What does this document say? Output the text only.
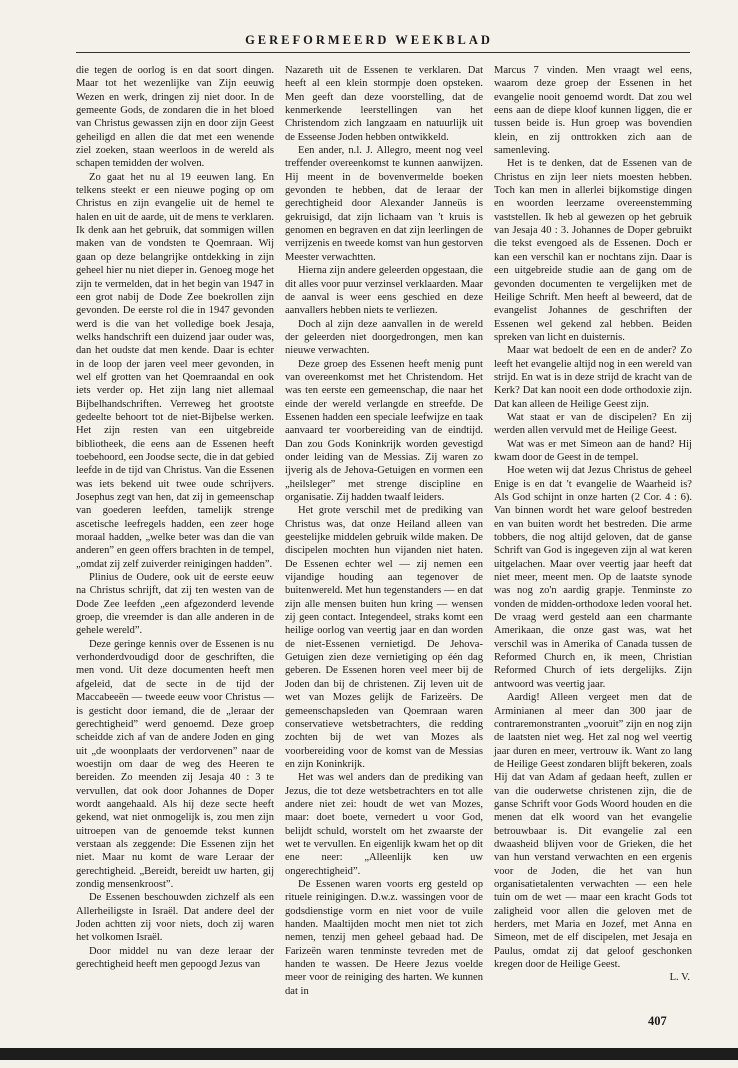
GEREFORMEERD WEEKBLAD

die tegen de oorlog is en dat soort dingen. Maar tot het wezenlijke van Zijn eeuwig Wezen en werk, dringen zij niet door. In de gemeente Gods, de zondaren die in het bloed van Christus gewassen zijn en door zijn Geest geheiligd en allen die dat met een wenende ziel zoeken, staan weerloos in de wereld als schapen temidden der wolven.

Zo gaat het nu al 19 eeuwen lang. En telkens steekt er een nieuwe poging op om Christus en zijn evangelie uit de hemel te halen en uit de aarde, uit de mens te verklaren. Ik denk aan het gebruik, dat sommigen willen maken van de vondsten te Qoemraan. Wij gaan op deze belangrijke ontdekking in zijn geheel hier nu niet dieper in. Genoeg moge het zijn te vermelden, dat in het begin van 1947 in een grot nabij de Dode Zee boekrollen zijn gevonden. De eerste rol die in 1947 gevonden werd is die van het volledige boek Jesaja, welks handschrift een duizend jaar ouder was, dan het oudste dat men kende. Daar is echter in de loop der jaren veel meer gevonden, in wel elf grotten van het Qoemraandal en ook iets verder op. Het zijn lang niet allemaal Bijbelhandschriften. Verreweg het grootste gedeelte behoort tot de niet-Bijbelse werken. Het zijn resten van een uitgebreide bibliotheek, die eens aan de Essenen heeft toebehoord, een Joodse secte, die in dat gebied leefde in de tijd van Christus. Van die Essenen was iets bekend uit twee oude schrijvers. Josephus zegt van hen, dat zij in gemeenschap van goederen leefden, tamelijk strenge ascetische leefregels hadden, een zeer hoge moraal hadden, „welke beter was dan die van anderen” en geen offers brachten in de tempel, „omdat zij zelf zuiverder reinigingen hadden”.

Plinius de Oudere, ook uit de eerste eeuw na Christus schrijft, dat zij ten westen van de Dode Zee leefden „een afgezonderd levende groep, die vreemder is dan alle anderen in de gehele wereld”.

Deze geringe kennis over de Essenen is nu verhonderdvoudigd door de geschriften, die men vond. Uit deze documenten heeft men afgeleid, dat de secte in de tijd der Maccabeeën — tweede eeuw voor Christus — is gesticht door iemand, die de „leraar der gerechtigheid” werd genoemd. Deze groep scheidde zich af van de andere Joden en ging uit „de woonplaats der verdorvenen” naar de woestijn om daar de weg des Heeren te bereiden. Zo meenden zij Jesaja 40 : 3 te vervullen, dat ook door Johannes de Doper wordt aangehaald. Als hij deze secte heeft gekend, wat niet onmogelijk is, zou men zijn uitroepen van de genoemde tekst kunnen verstaan als zeggende: Die Essenen zijn het niet. Maar nu komt de ware Leraar der gerechtigheid. „Bereidt, bereidt uw harten, gij zondig mensenkroost”.

De Essenen beschouwden zichzelf als een Allerheiligste in Israël. Dat andere deel der Joden achtten zij voor niets, doch zij waren het volkomen Israël.

Door middel nu van deze leraar der gerechtigheid heeft men gepoogd Jezus van

Nazareth uit de Essenen te verklaren. Dat heeft al een klein stormpje doen opsteken. Men geeft dan deze voorstelling, dat de kenmerkende leerstellingen van het Christendom zich langzaam en natuurlijk uit de Esseense Joden hebben ontwikkeld.

Een ander, n.l. J. Allegro, meent nog veel treffender overeenkomst te kunnen aanwijzen. Hij meent in de bovenvermelde boeken gevonden te hebben, dat de leraar der gerechtigheid door Alexander Janneüs is gekruisigd, dat zijn lichaam van 't kruis is genomen en begraven en dat zijn leerlingen de verrijzenis en tweede komst van hun gestorven Meester verwachtten.

Hierna zijn andere geleerden opgestaan, die dit alles voor puur verzinsel verklaarden. Maar de aanval is weer eens geschied en deze aanvallers hebben niets te verliezen.

Doch al zijn deze aanvallen in de wereld der geleerden niet doorgedrongen, men kan nieuwe verwachten.

Deze groep des Essenen heeft menig punt van overeenkomst met het Christendom. Het was ten eerste een gemeenschap, die naar het einde der wereld verlangde en streefde. De Essenen hadden een speciale leefwijze en taak aanvaard ter voorbereiding van de eindtijd. Dan zou Gods Koninkrijk worden gevestigd onder leiding van de Messias. Zij waren zo ijverig als de Jehova-Getuigen en vormen een „heilsleger” met strenge discipline en organisatie. Zij hadden twaalf leiders.

Het grote verschil met de prediking van Christus was, dat onze Heiland alleen van geestelijke middelen gebruik wilde maken. De discipelen mochten hun vijanden niet haten. De Essenen echter wel — zij nemen een vijandige houding aan tegenover de buitenwereld. Met hun tegenstanders — en dat zijn alle mensen buiten hun kring — wensen zij geen contact. Integendeel, straks komt een heilige oorlog van veertig jaar en dan worden de niet-Essenen vernietigd. De Jehova-Getuigen zien deze vernietiging op één dag geberen. De Essenen horen veel meer bij de Joden dan bij de christenen. Zij leven uit de wet van Mozes gelijk de Farizeërs. De gemeenschapsleden van Qoemraan waren conservatieve wetsbetrachters, die redding zochten bij de wet van Mozes als voorbereiding voor de komst van de Messias en zijn Koninkrijk.

Het was wel anders dan de prediking van Jezus, die tot deze wetsbetrachters en tot alle andere niet zei: houdt de wet van Mozes, maar: doet boete, vernedert u voor God, belijdt schuld, worstelt om het zwaarste der wet te vervullen. En eigenlijk kwam het op dit ene neer: „Alleenlijk ken uw ongerechtigheid”.

De Essenen waren voorts erg gesteld op rituele reinigingen. D.w.z. wassingen voor de godsdienstige vorm en niet voor de vuile handen. Maaltijden mocht men niet tot zich nemen, tenzij men geheel gebaad had. De Farizeën waren tenminste tevreden met de handen te wassen. De Heere Jezus voelde meer voor de reiniging des harten. We kunnen dat in

Marcus 7 vinden. Men vraagt wel eens, waarom deze groep der Essenen in het evangelie nooit genoemd wordt. Dat zou wel eens aan de diepe kloof kunnen liggen, die er tussen beide is. Hun groep was bovendien klein, en zij onttrokken zich aan de samenleving.

Het is te denken, dat de Essenen van de Christus en zijn leer niets moesten hebben. Toch kan men in allerlei bijkomstige dingen en woorden leerzame overeenstemming vaststellen. Ik heb al gewezen op het gebruik van Jesaja 40 : 3. Johannes de Doper gebruikt die tekst evengoed als de Essenen. Doch er kan een verschil kan er nochtans zijn. Daar is een uitgebreide studie aan de gang om de gevonden documenten te vergelijken met de Heilige Schrift. Men heeft al beweerd, dat de evangelist Johannes de geschriften der Essenen wel gekend zal hebben. Beiden spreken van licht en duisternis.

Maar wat bedoelt de een en de ander? Zo leeft het evangelie altijd nog in een wereld van strijd. En wat is in deze strijd de kracht van de Kerk? Dat kan nooit een dode orthodoxie zijn. Dat kan alleen de Heilige Geest zijn.

Wat staat er van de discipelen? En zij werden allen vervuld met de Heilige Geest.

Wat was er met Simeon aan de hand? Hij kwam door de Geest in de tempel.

Hoe weten wij dat Jezus Christus de geheel Enige is en dat 't evangelie de Waarheid is? Als God schijnt in onze harten (2 Cor. 4 : 6). Van binnen wordt het ware geloof bestreden en van buiten wordt het bestreden. Die arme tobbers, die nog altijd geloven, dat de ganse Schrift van God is ingegeven zijn al wat keren uitgelachen. Maar over veertig jaar heeft dat niet meer, meent men. Op de laatste synode was nog zo'n aardig grapje. Tenminste zo vonden de midden-orthodoxe leden vooral het. De vraag werd gesteld aan een charmante Amerikaan, die onze gast was, wat het verschil was in Amerika of Canada tussen de Reformed Church en, ik meen, Christian Reformed Church of iets dergelijks. Zijn antwoord was veertig jaar.

Aardig! Alleen vergeet men dat de Arminianen al meer dan 300 jaar de contraremonstranten „vooruit” zijn en nog zijn de laatsten niet weg. Het zal nog wel veertig jaar duren en meer, vertrouw ik. Want zo lang de Heilige Geest zondaren blijft bekeren, zoals Hij dat van Adam af gedaan heeft, zullen er van die ouderwetse christenen zijn, die de ganse Schrift voor Gods Woord houden en die menen dat elk woord van het evangelie betrouwbaar is. Dit evangelie zal een dwaasheid blijven voor de Grieken, die het van hun verstand verwachten en een ergenis voor de Joden, die het van hun organisatietalenten verwachten — een hele tuin om de wet — maar een kracht Gods tot zaligheid voor allen die geloven met de herders, met Maria en Jozef, met Anna en Simeon, met de elf discipelen, met Jesaja en Paulus, omdat zij dat geloof geschonken kregen door de Heilige Geest.

L. V.
407
